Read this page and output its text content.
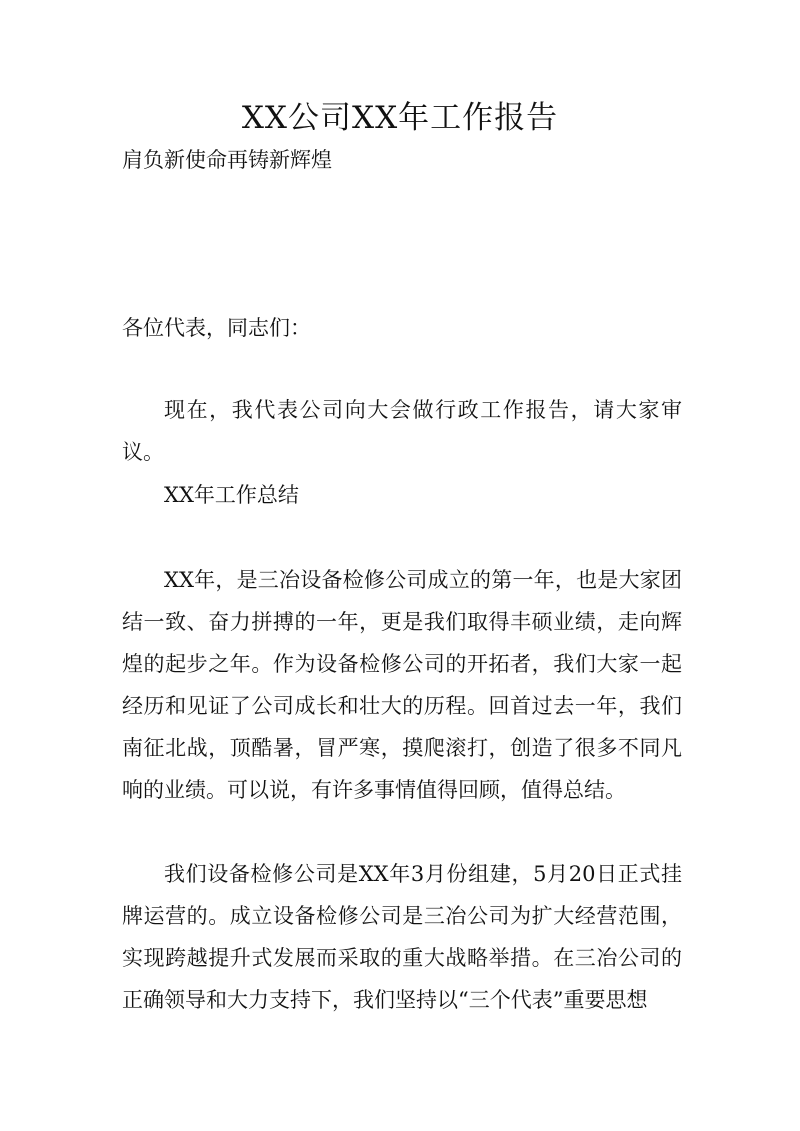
XX公司XX年工作报告

肩负新使命再铸新辉煌

各位代表，同志们：

现在，我代表公司向大会做行政工作报告，请大家审议。

XX年工作总结

XX年，是三冶设备检修公司成立的第一年，也是大家团结一致、奋力拼搏的一年，更是我们取得丰硕业绩，走向辉煌的起步之年。作为设备检修公司的开拓者，我们大家一起经历和见证了公司成长和壮大的历程。回首过去一年，我们南征北战，顶酷暑，冒严寒，摸爬滚打，创造了很多不同凡响的业绩。可以说，有许多事情值得回顾，值得总结。

我们设备检修公司是XX年3月份组建，5月20日正式挂牌运营的。成立设备检修公司是三冶公司为扩大经营范围，实现跨越提升式发展而采取的重大战略举措。在三冶公司的正确领导和大力支持下，我们坚持以“三个代表”重要思想
